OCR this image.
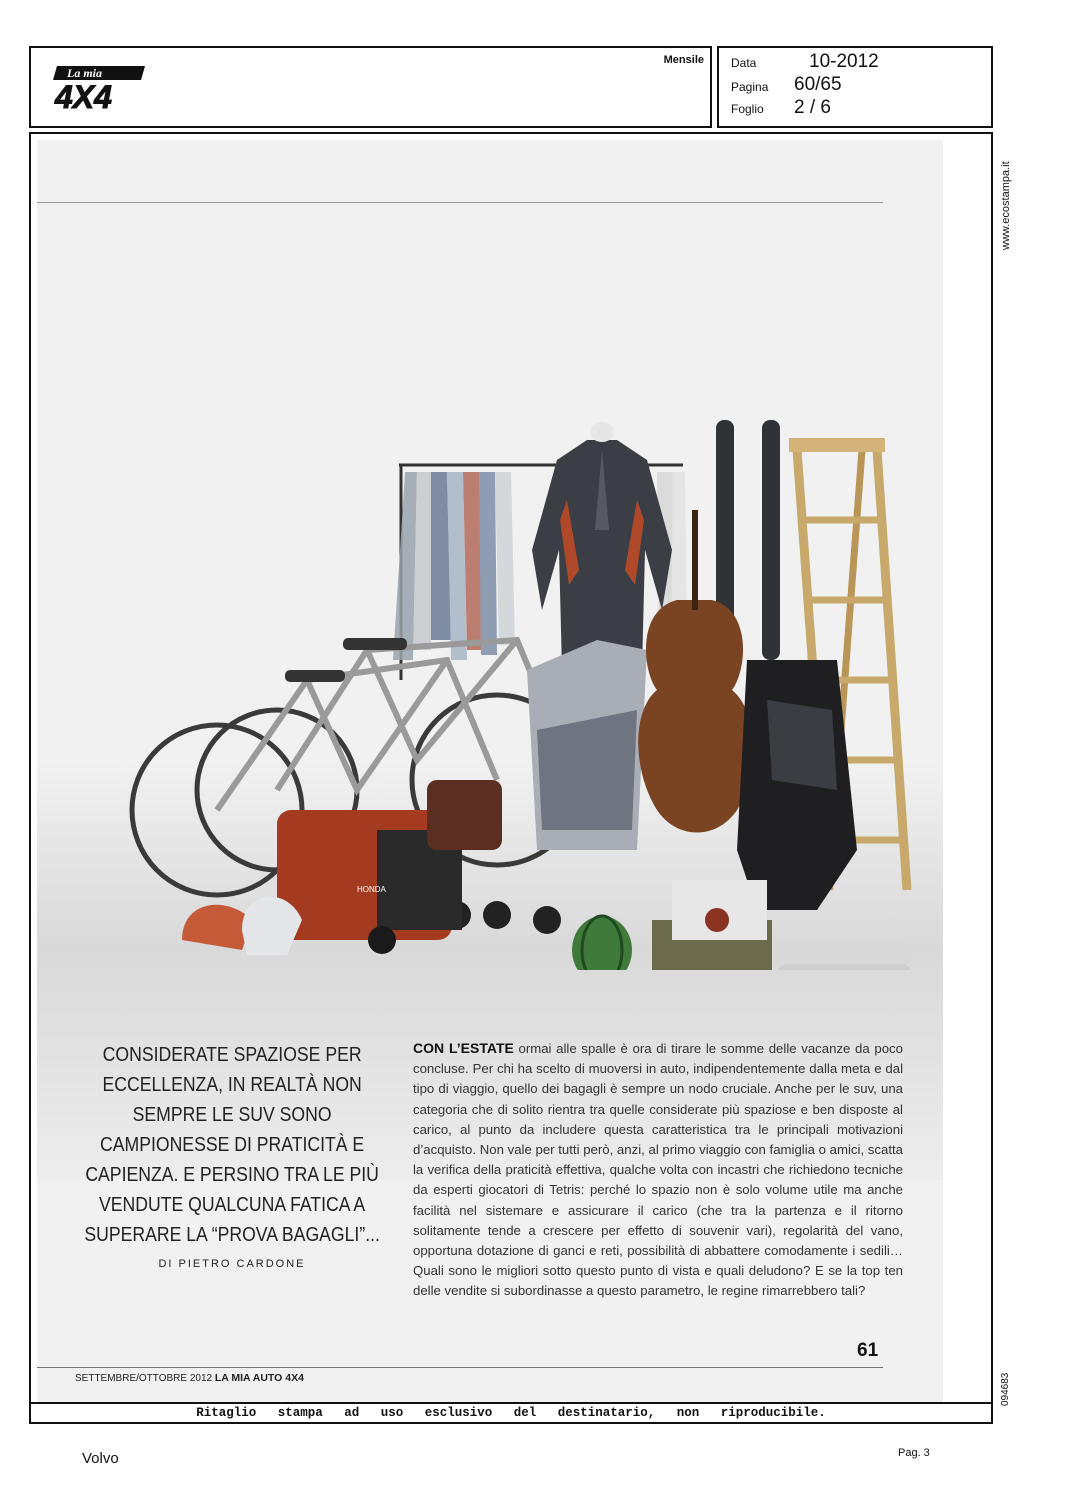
La mia
4X4
Mensile Data	10-2012
Pagina 60/65
Foglio 2 / 6
HONDA
CONSIDERATE SPAZIOSE PER ECCELLENZA, IN REALTÀ NON SEMPRE LE SUV SONO CAMPIONESSE DI PRATICITÀ E CAPIENZA. E PERSINO TRA LE PIÙ VENDUTE QUALCUNA FATICA A SUPERARE LA “PROVA BAGAGLI”...
DI PIETRO CARDONE
CON L’ESTATE ormai alle spalle è ora di tirare le somme delle vacanze da poco concluse. Per chi ha scelto di muoversi in auto, indipendentemente dalla meta e dal tipo di viaggio, quello dei bagagli è sempre un nodo cruciale. Anche per le suv, una categoria che di solito rientra tra quelle considerate più spaziose e ben disposte al carico, al punto da includere questa caratteristica tra le principali motivazioni d’acquisto. Non vale per tutti però, anzi, al primo viaggio con famiglia o amici, scatta la verifica della praticità effettiva, qualche volta con incastri che richiedono tecniche da esperti giocatori di Tetris: perché lo spazio non è solo volume utile ma anche facilità nel sistemare e assicurare il carico (che tra la partenza e il ritorno solitamente tende a crescere per effetto di souvenir vari), regolarità del vano, opportuna dotazione di ganci e reti, possibilità di abbattere comodamente i sedili… Quali sono le migliori sotto questo punto di vista e quali deludono? E se la top ten delle vendite si subordinasse a questo parametro, le regine rimarrebbero tali?
61
SETTEMBRE/OTTOBRE 2012 LA MIA AUTO 4X4
www.ecostampa.it
094683
Ritaglio stampa ad uso esclusivo del destinatario, non riproducibile.
Volvo	Pag. 3
